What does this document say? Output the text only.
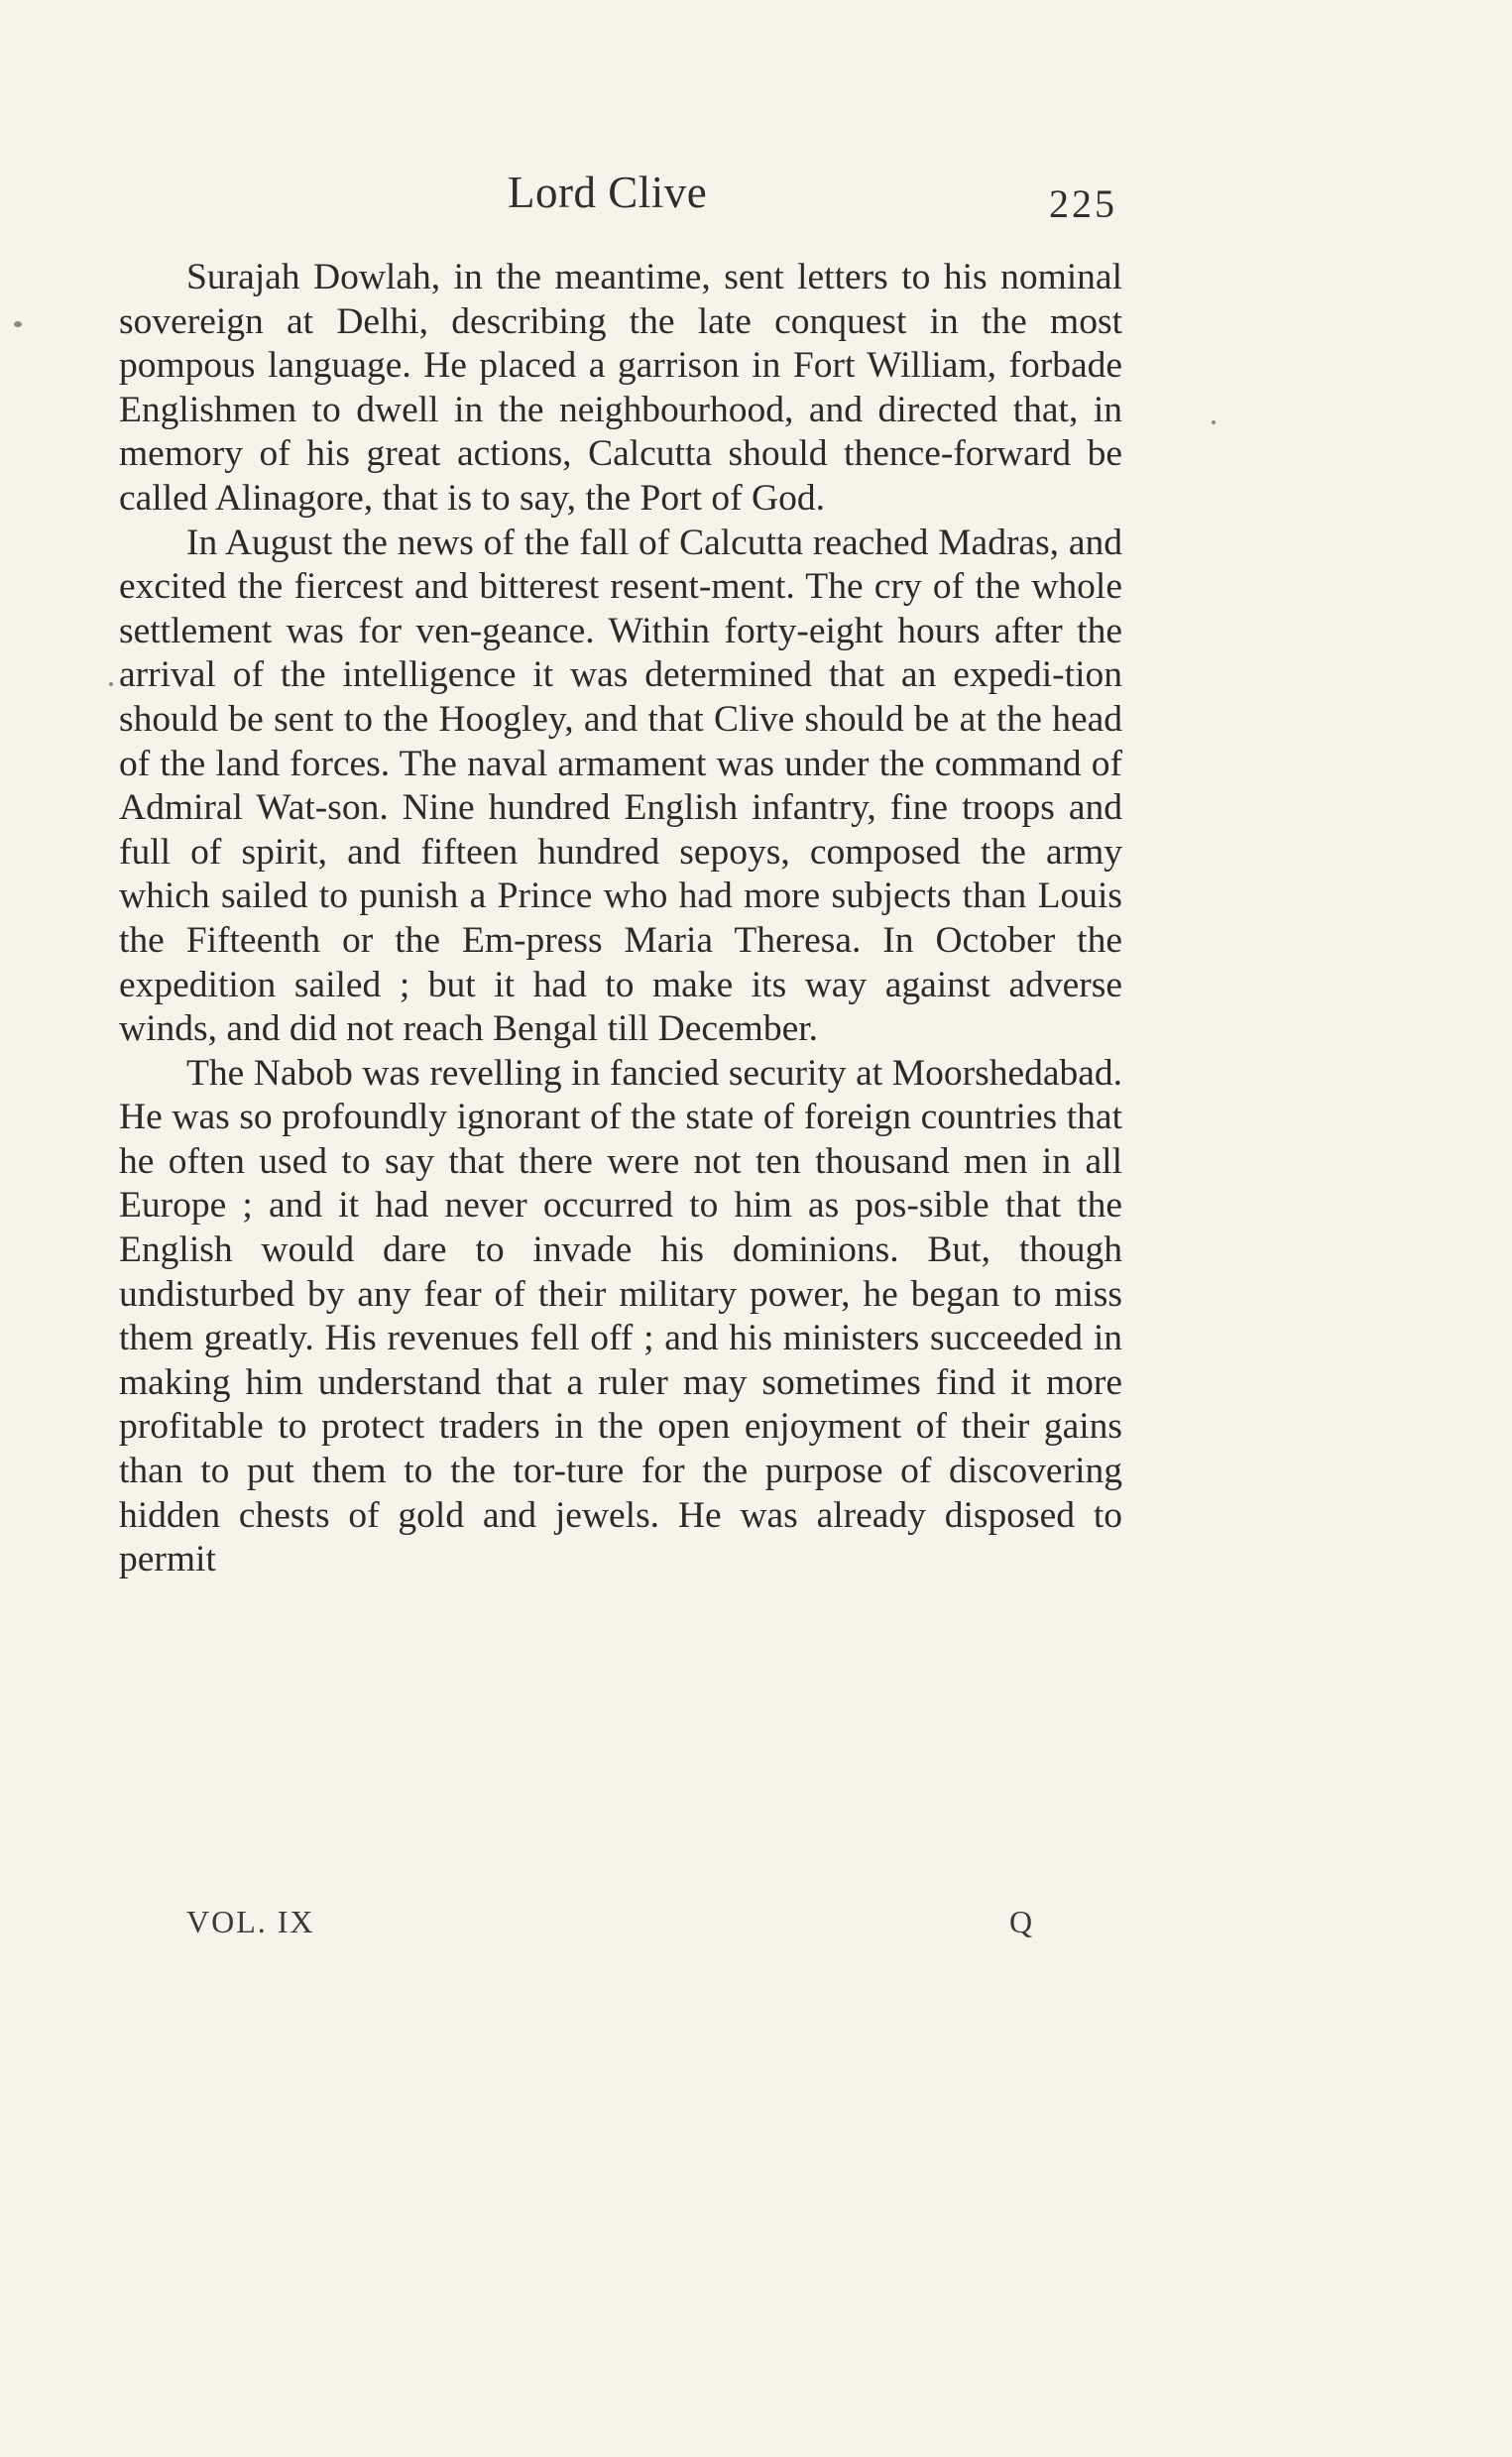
Lord Clive	225

Surajah Dowlah, in the meantime, sent letters to his nominal sovereign at Delhi, describing the late conquest in the most pompous language. He placed a garrison in Fort William, forbade Englishmen to dwell in the neighbourhood, and directed that, in memory of his great actions, Calcutta should thence-forward be called Alinagore, that is to say, the Port of God.

In August the news of the fall of Calcutta reached Madras, and excited the fiercest and bitterest resent-ment. The cry of the whole settlement was for ven-geance. Within forty-eight hours after the arrival of the intelligence it was determined that an expedi-tion should be sent to the Hoogley, and that Clive should be at the head of the land forces. The naval armament was under the command of Admiral Wat-son. Nine hundred English infantry, fine troops and full of spirit, and fifteen hundred sepoys, composed the army which sailed to punish a Prince who had more subjects than Louis the Fifteenth or the Em-press Maria Theresa. In October the expedition sailed ; but it had to make its way against adverse winds, and did not reach Bengal till December.

The Nabob was revelling in fancied security at Moorshedabad. He was so profoundly ignorant of the state of foreign countries that he often used to say that there were not ten thousand men in all Europe ; and it had never occurred to him as pos-sible that the English would dare to invade his dominions. But, though undisturbed by any fear of their military power, he began to miss them greatly. His revenues fell off ; and his ministers succeeded in making him understand that a ruler may sometimes find it more profitable to protect traders in the open enjoyment of their gains than to put them to the tor-ture for the purpose of discovering hidden chests of gold and jewels. He was already disposed to permit

VOL. IX	Q
